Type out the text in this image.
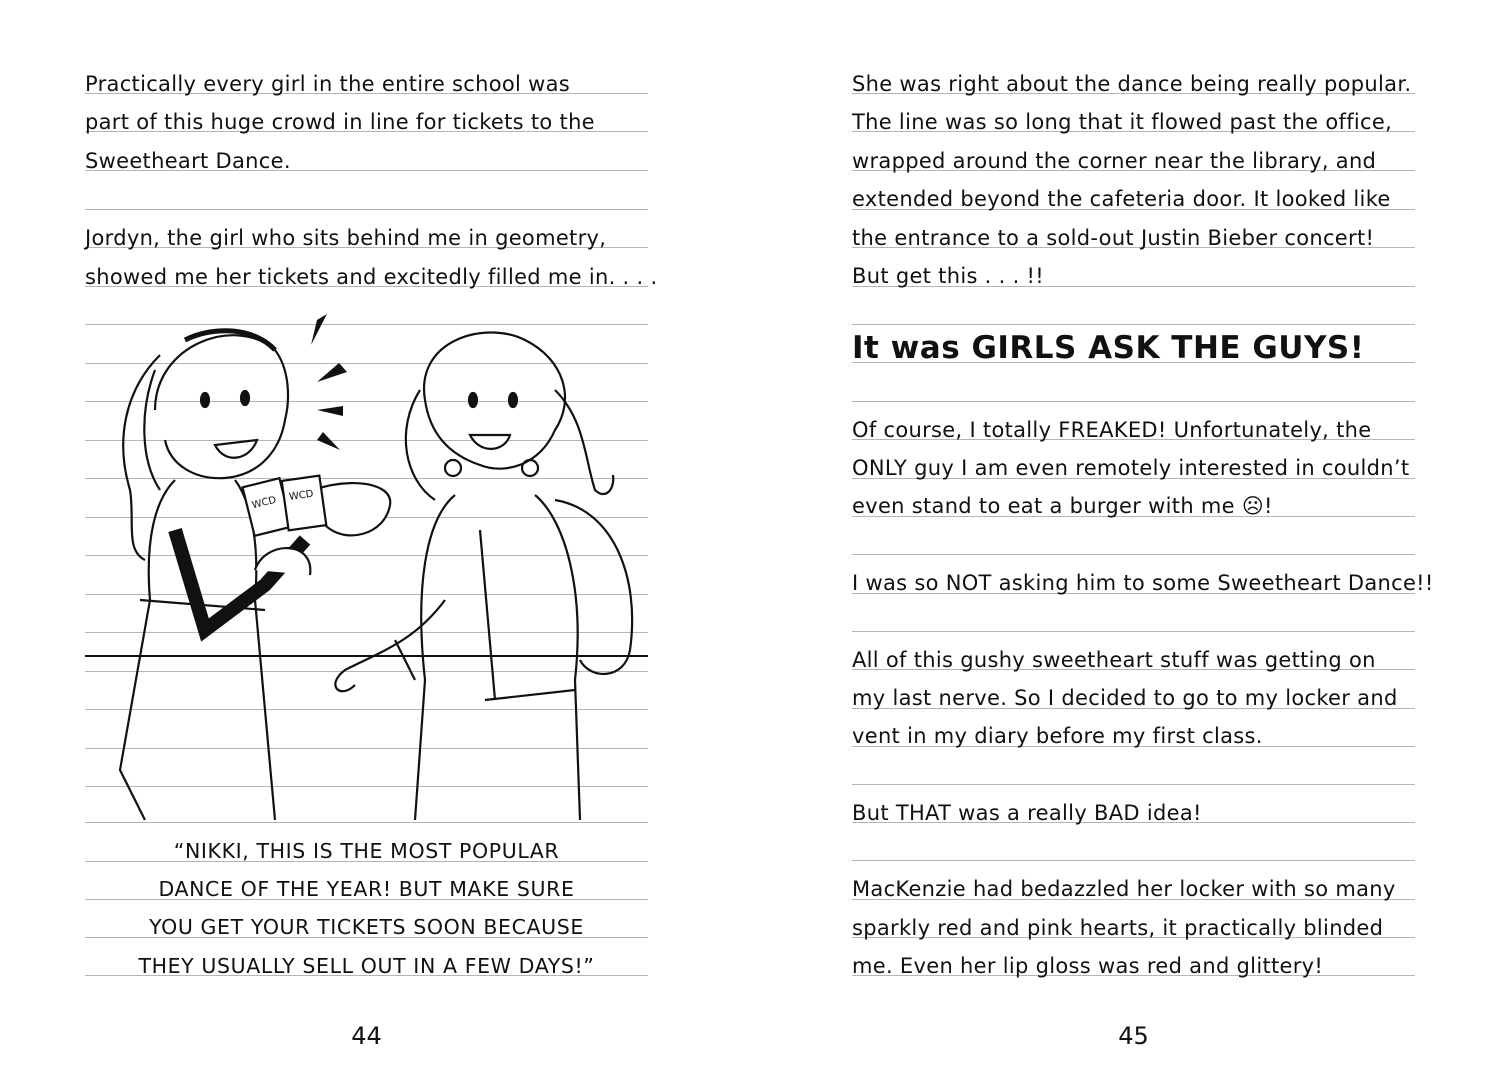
Practically every girl in the entire school was
part of this huge crowd in line for tickets to the
Sweetheart Dance.
Jordyn, the girl who sits behind me in geometry,
showed me her tickets and excitedly filled me in. . . .
WCD WCD
“NIKKI, THIS IS THE MOST POPULAR
DANCE OF THE YEAR! BUT MAKE SURE
YOU GET YOUR TICKETS SOON BECAUSE
THEY USUALLY SELL OUT IN A FEW DAYS!”
44
She was right about the dance being really popular.
The line was so long that it flowed past the office,
wrapped around the corner near the library, and
extended beyond the cafeteria door. It looked like
the entrance to a sold-out Justin Bieber concert!
But get this . . . !!
It was GIRLS ASK THE GUYS!
Of course, I totally FREAKED! Unfortunately, the
ONLY guy I am even remotely interested in couldn’t
even stand to eat a burger with me ☹!
I was so NOT asking him to some Sweetheart Dance!!
All of this gushy sweetheart stuff was getting on
my last nerve. So I decided to go to my locker and
vent in my diary before my first class.
But THAT was a really BAD idea!
MacKenzie had bedazzled her locker with so many
sparkly red and pink hearts, it practically blinded
me. Even her lip gloss was red and glittery!
45
